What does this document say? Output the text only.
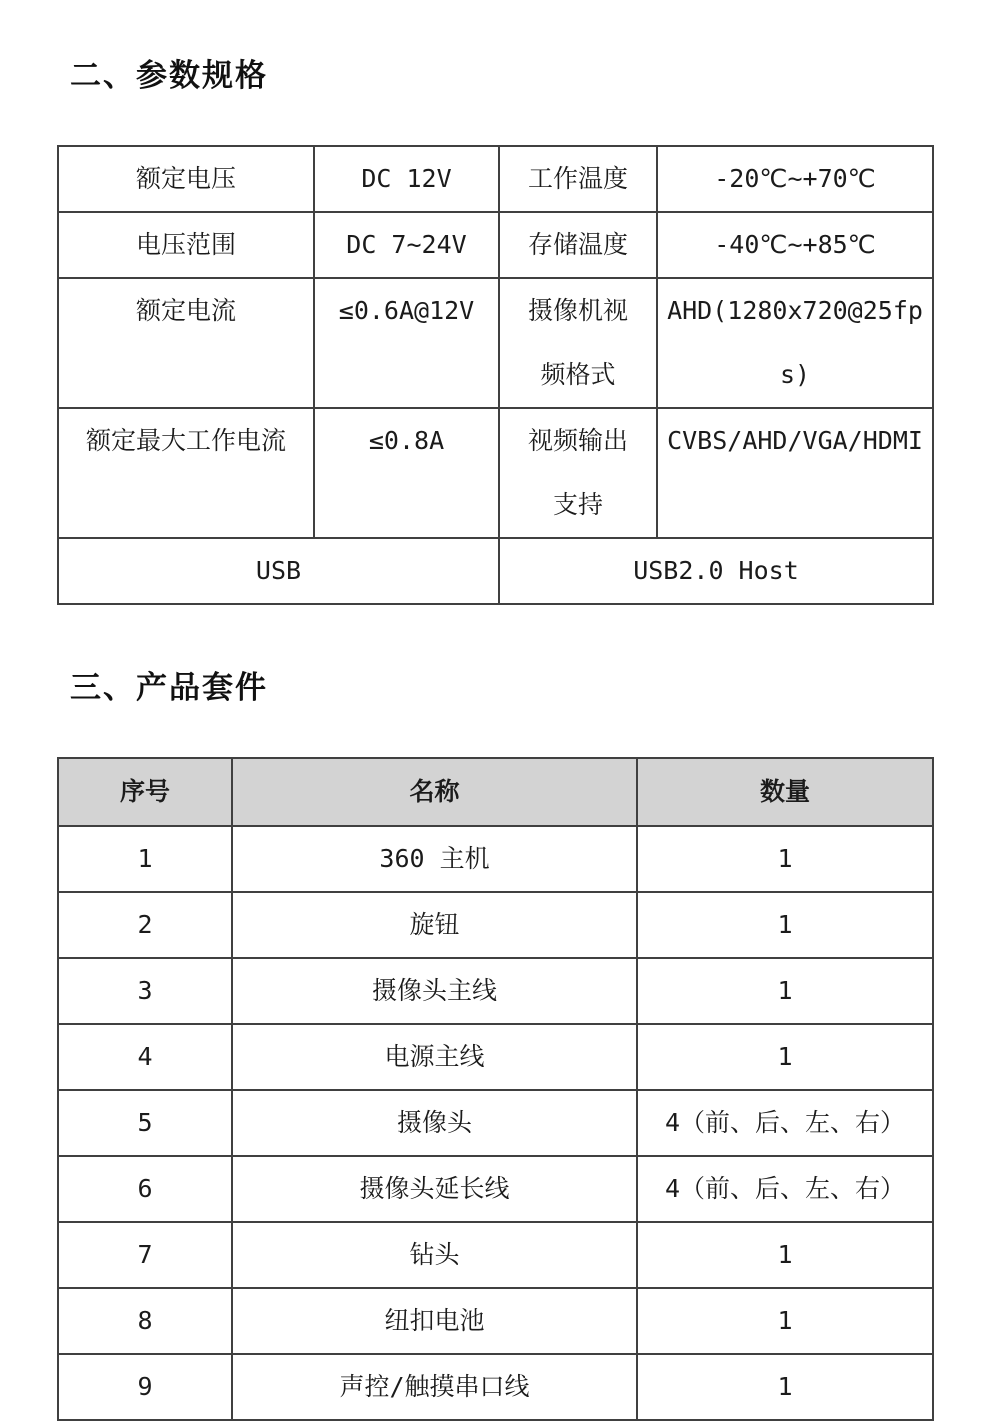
二、参数规格
额定电压	DC 12V	工作温度	-20℃~+70℃
电压范围	DC 7~24V	存储温度	-40℃~+85℃
额定电流	≤0.6A@12V	摄像机视频格式	AHD(1280x720@25fps)
额定最大工作电流	≤0.8A	视频输出支持	CVBS/AHD/VGA/HDMI
USB		USB2.0 Host	
三、产品套件
序号	名称	数量
1	360 主机	1
2	旋钮	1
3	摄像头主线	1
4	电源主线	1
5	摄像头	4（前、后、左、右）
6	摄像头延长线	4（前、后、左、右）
7	钻头	1
8	纽扣电池	1
9	声控/触摸串口线	1
